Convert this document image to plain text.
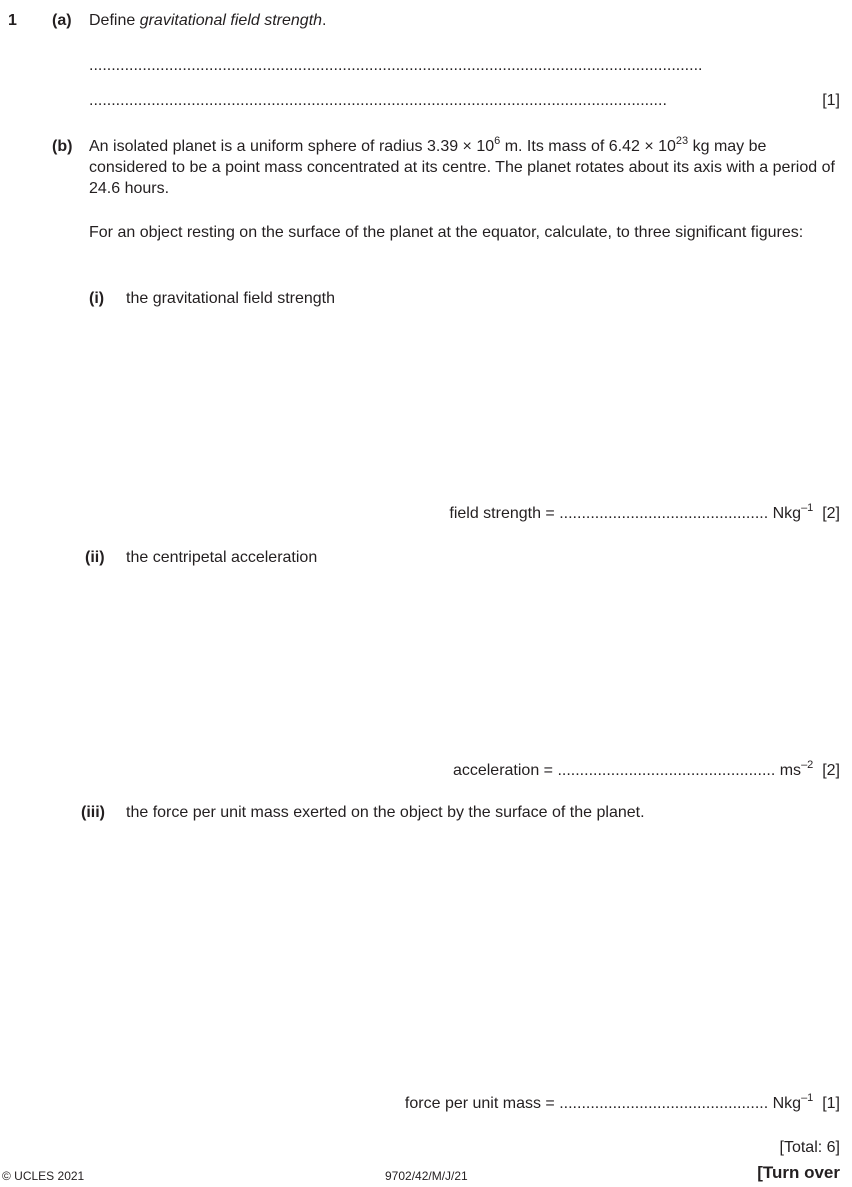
1 (a) Define gravitational field strength.
..........................................................................................................................................
..................................................................................................................................	[1]
(b) An isolated planet is a uniform sphere of radius $3.39 \times 10^6$ m. Its mass of $6.42 \times 10^{23}$ kg may be considered to be a point mass concentrated at its centre. The planet rotates about its axis with a period of 24.6 hours.
For an object resting on the surface of the planet at the equator, calculate, to three significant figures:
(i) the gravitational field strength
field strength = ............................................... Nkg$^{-1}$ [2]
(ii) the centripetal acceleration
acceleration = ................................................. $ms^{-2}$ [2]
(iii) the force per unit mass exerted on the object by the surface of the planet.
force per unit mass = ............................................... Nkg$^{-1}$ [1]
[Total: 6]
© UCLES 2021	9702/42/M/J/21	[Turn over
